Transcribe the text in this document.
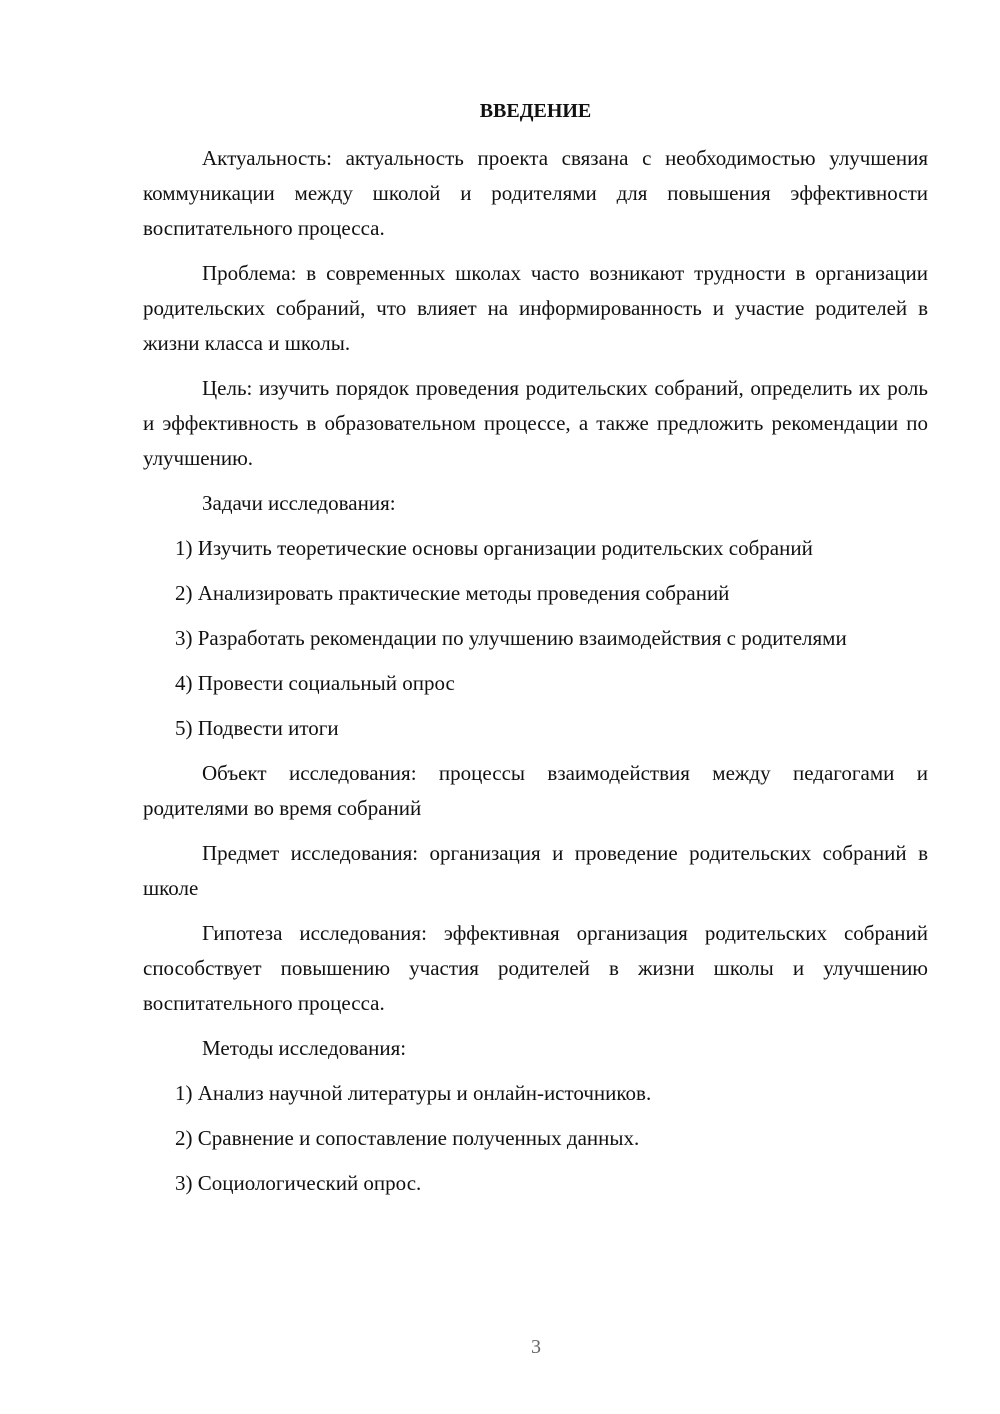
ВВЕДЕНИЕ

Актуальность: актуальность проекта связана с необходимостью улучшения коммуникации между школой и родителями для повышения эффективности воспитательного процесса.

Проблема: в современных школах часто возникают трудности в организации родительских собраний, что влияет на информированность и участие родителей в жизни класса и школы.

Цель: изучить порядок проведения родительских собраний, определить их роль и эффективность в образовательном процессе, а также предложить рекомендации по улучшению.

Задачи исследования:

1) Изучить теоретические основы организации родительских собраний

2) Анализировать практические методы проведения собраний

3) Разработать рекомендации по улучшению взаимодействия с родителями

4) Провести социальный опрос

5) Подвести итоги

Объект исследования: процессы взаимодействия между педагогами и родителями во время собраний

Предмет исследования: организация и проведение родительских собраний в школе

Гипотеза исследования: эффективная организация родительских собраний способствует повышению участия родителей в жизни школы и улучшению воспитательного процесса.

Методы исследования:

1) Анализ научной литературы и онлайн-источников.

2) Сравнение и сопоставление полученных данных.

3) Социологический опрос.

3
